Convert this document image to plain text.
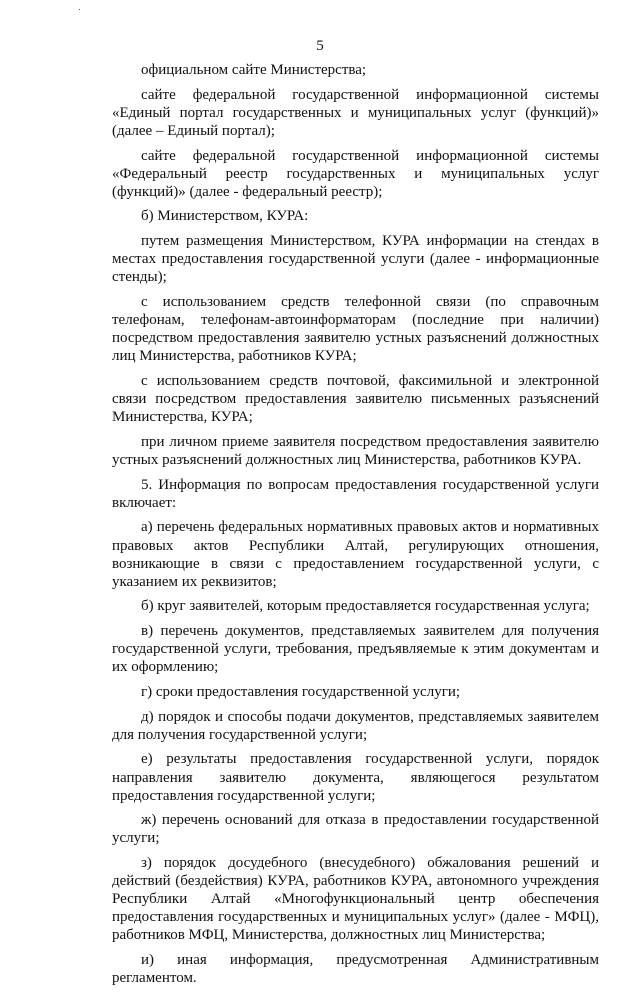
5

официальном сайте Министерства;

сайте федеральной государственной информационной системы «Единый портал государственных и муниципальных услуг (функций)» (далее – Единый портал);

сайте федеральной государственной информационной системы «Федеральный реестр государственных и муниципальных услуг (функций)» (далее - федеральный реестр);

б) Министерством, КУРА:

путем размещения Министерством, КУРА информации на стендах в местах предоставления государственной услуги (далее - информационные стенды);

с использованием средств телефонной связи (по справочным телефонам, телефонам-автоинформаторам (последние при наличии) посредством предоставления заявителю устных разъяснений должностных лиц Министерства, работников КУРА;

с использованием средств почтовой, факсимильной и электронной связи посредством предоставления заявителю письменных разъяснений Министерства, КУРА;

при личном приеме заявителя посредством предоставления заявителю устных разъяснений должностных лиц Министерства, работников КУРА.

5. Информация по вопросам предоставления государственной услуги включает:

а) перечень федеральных нормативных правовых актов и нормативных правовых актов Республики Алтай, регулирующих отношения, возникающие в связи с предоставлением государственной услуги, с указанием их реквизитов;

б) круг заявителей, которым предоставляется государственная услуга;

в) перечень документов, представляемых заявителем для получения государственной услуги, требования, предъявляемые к этим документам и их оформлению;

г) сроки предоставления государственной услуги;

д) порядок и способы подачи документов, представляемых заявителем для получения государственной услуги;

е) результаты предоставления государственной услуги, порядок направления заявителю документа, являющегося результатом предоставления государственной услуги;

ж) перечень оснований для отказа в предоставлении государственной услуги;

з) порядок досудебного (внесудебного) обжалования решений и действий (бездействия) КУРА, работников КУРА, автономного учреждения Республики Алтай «Многофункциональный центр обеспечения предоставления государственных и муниципальных услуг» (далее - МФЦ), работников МФЦ, Министерства, должностных лиц Министерства;

и) иная информация, предусмотренная Административным регламентом.
